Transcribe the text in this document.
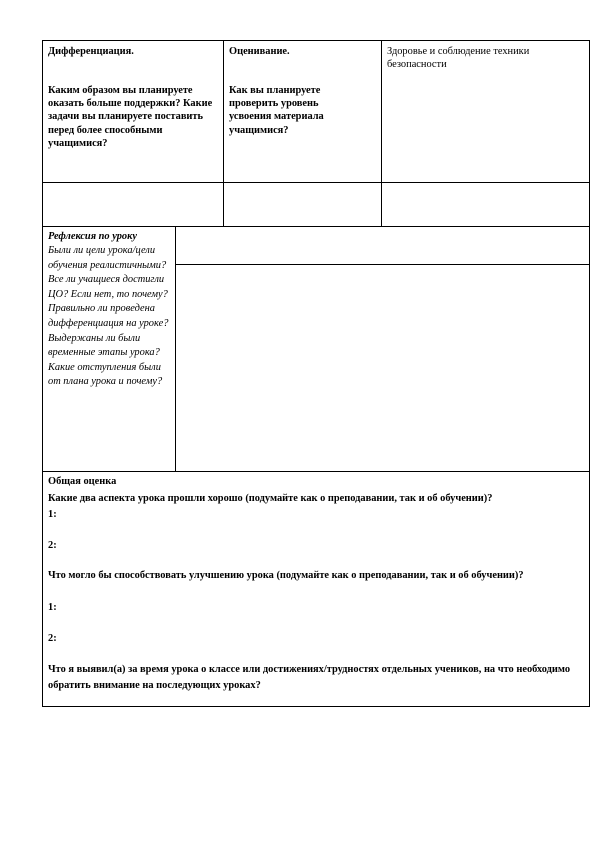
Дифференциация.
Каким образом вы планируете оказать больше поддержки? Какие задачи вы планируете поставить перед более способными учащимися?
Оценивание.
Как вы планируете проверить уровень усвоения материала учащимися?
Здоровье и соблюдение техники безопасности
Рефлексия по уроку
Были ли цели урока/цели обучения реалистичными? Все ли учащиеся достигли ЦО? Если нет, то почему? Правильно ли проведена дифференциация на уроке? Выдержаны ли были временные этапы урока? Какие отступления были от плана урока и почему?
Общая оценка
Какие два аспекта урока прошли хорошо (подумайте как о преподавании, так и об обучении)?
1:
2:
Что могло бы способствовать улучшению урока (подумайте как о преподавании, так и об обучении)?
1:
2:
Что я выявил(а) за время урока о классе или достижениях/трудностях отдельных учеников, на что необходимо обратить внимание на последующих уроках?
